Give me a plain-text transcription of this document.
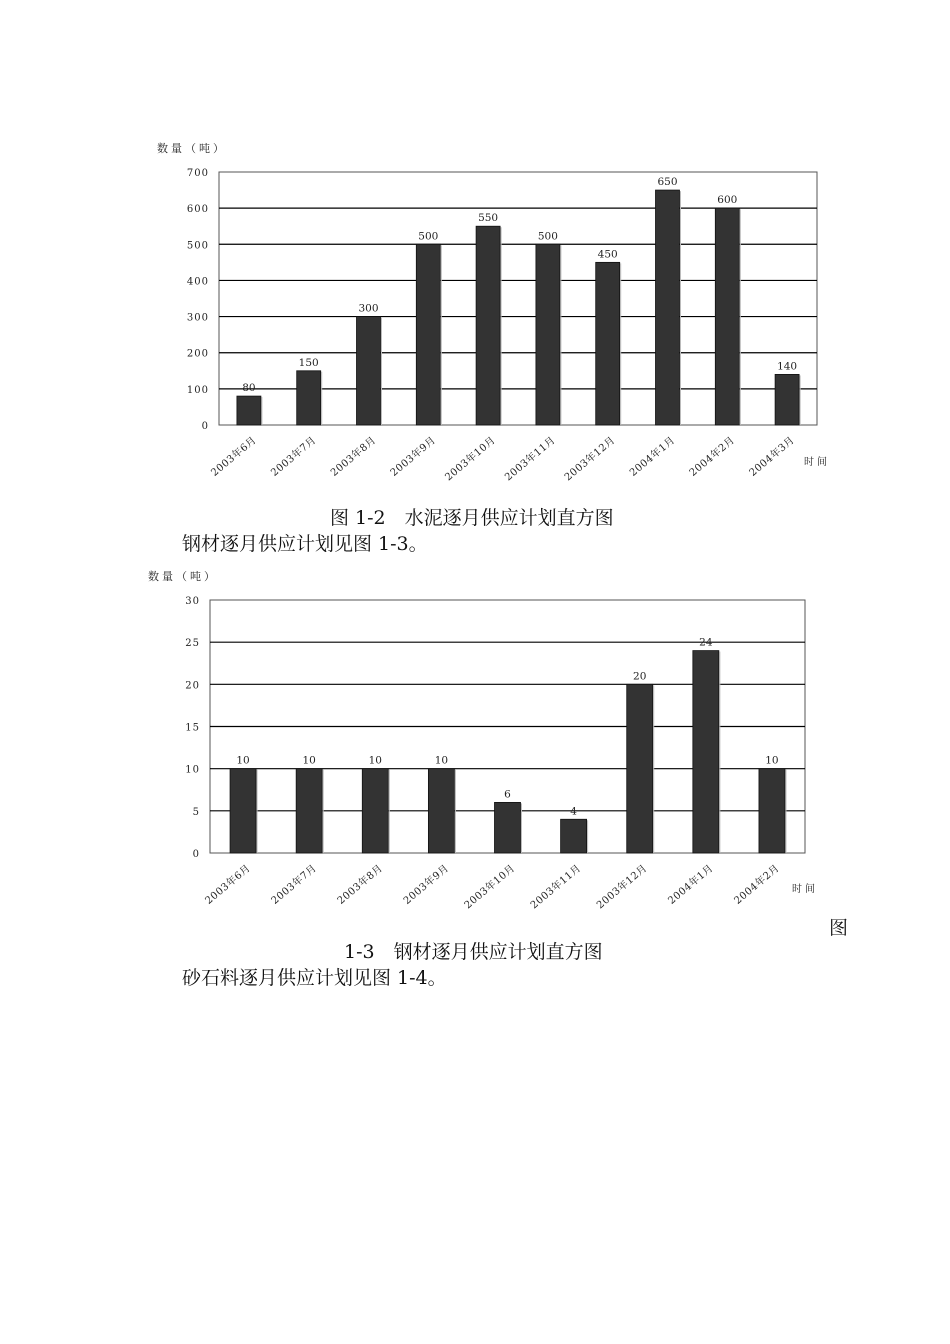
0
100
200
300
400
500
600
700
数量（吨）
80
2003年6月
150
2003年7月
300
2003年8月
500
2003年9月
550
2003年10月
500
2003年11月
450
2003年12月
650
2004年1月
600
2004年2月
140
2004年3月 时间
图 1-2　水泥逐月供应计划直方图
钢材逐月供应计划见图 1-3。
0
5
10
15
20
25
30
数量（吨）
10
2003年6月
10
2003年7月
10
2003年8月
10
2003年9月
6
2003年10月
4
2003年11月
20
2003年12月
24
2004年1月
10
2004年2月 时间
图
1-3　钢材逐月供应计划直方图
砂石料逐月供应计划见图 1-4。
